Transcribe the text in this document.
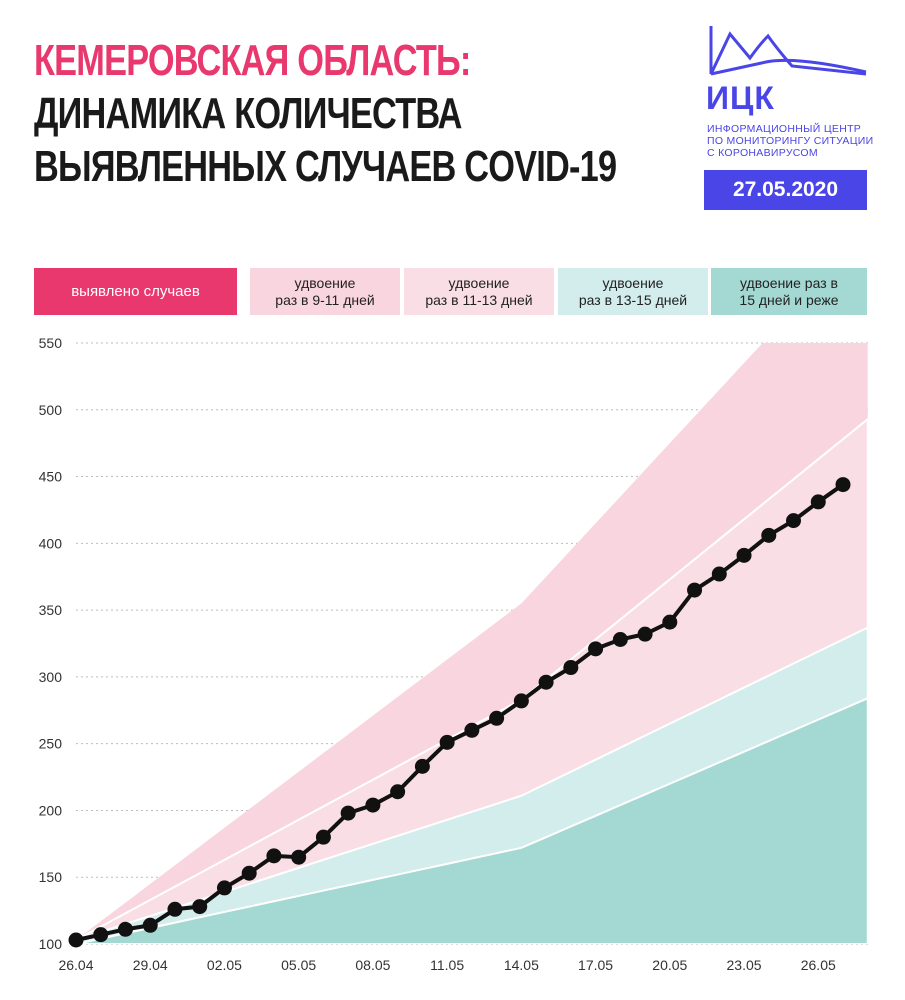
КЕМЕРОВСКАЯ ОБЛАСТЬ:
ДИНАМИКА КОЛИЧЕСТВА
ВЫЯВЛЕННЫХ СЛУЧАЕВ COVID-19
ИЦК
ИНФОРМАЦИОННЫЙ ЦЕНТР
ПО МОНИТОРИНГУ СИТУАЦИИ
С КОРОНАВИРУСОМ
27.05.2020
выявлено случаев
удвоение
раз в 9-11 дней
удвоение
раз в 11-13 дней
удвоение
раз в 13-15 дней
удвоение раз в
15 дней и реже
100
150
200
250
300
350
400
450
500
550
26.04	29.04	02.05	05.05	08.05	11.05	14.05	17.05	20.05	23.05	26.05
